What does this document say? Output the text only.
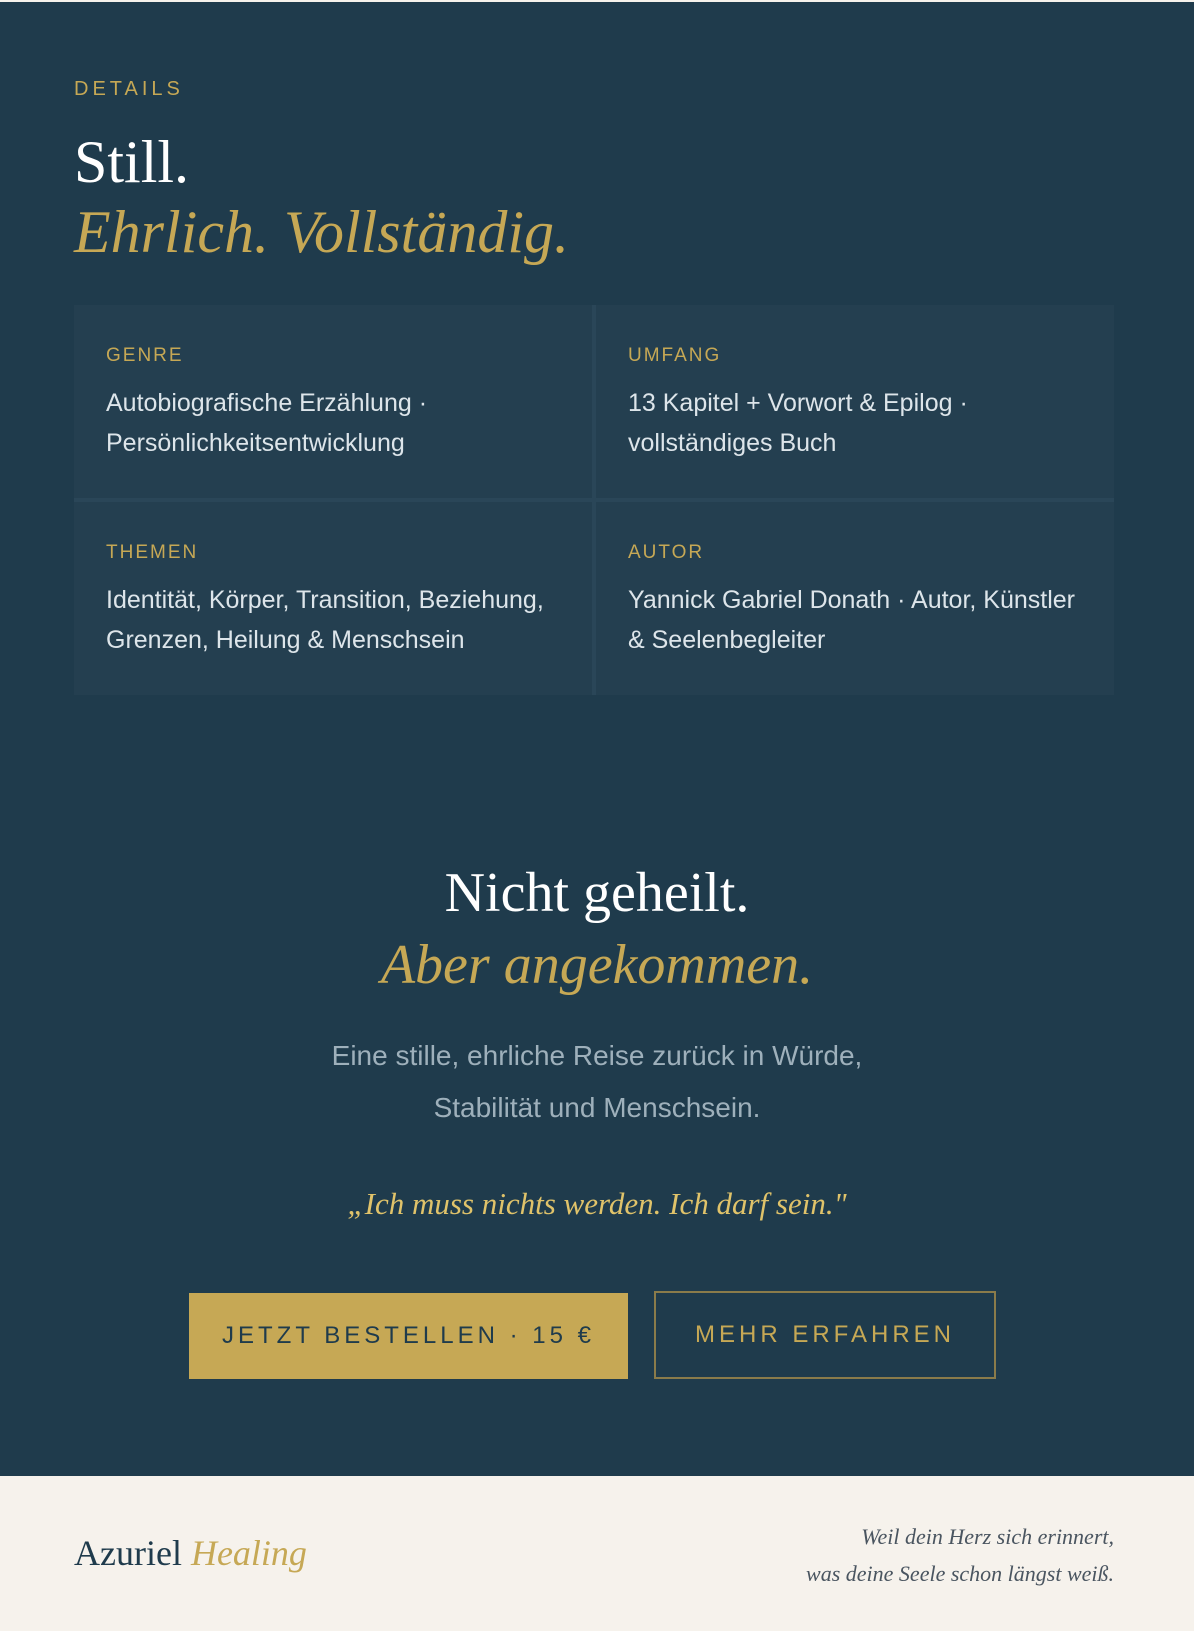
DETAILS
Still.
Ehrlich. Vollständig.
GENRE
Autobiografische Erzählung ·
Persönlichkeitsentwicklung
UMFANG
13 Kapitel + Vorwort & Epilog ·
vollständiges Buch
THEMEN
Identität, Körper, Transition, Beziehung,
Grenzen, Heilung & Menschsein
AUTOR
Yannick Gabriel Donath · Autor, Künstler
& Seelenbegleiter
Nicht geheilt.
Aber angekommen.
Eine stille, ehrliche Reise zurück in Würde,
Stabilität und Menschsein.
„Ich muss nichts werden. Ich darf sein."
JETZT BESTELLEN · 15 €	MEHR ERFAHREN
Azuriel Healing	Weil dein Herz sich erinnert,
was deine Seele schon längst weiß.
